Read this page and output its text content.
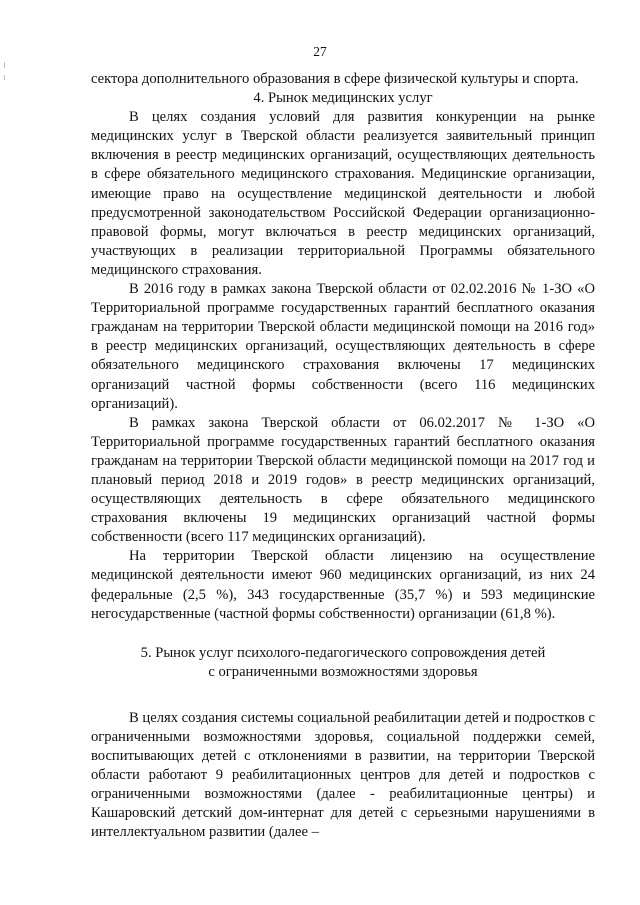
27

сектора дополнительного образования в сфере физической культуры и спорта.

4. Рынок медицинских услуг

В целях создания условий для развития конкуренции на рынке медицинских услуг в Тверской области реализуется заявительный принцип включения в реестр медицинских организаций, осуществляющих деятельность в сфере обязательного медицинского страхования. Медицинские организации, имеющие право на осуществление медицинской деятельности и любой предусмотренной законодательством Российской Федерации организационно-правовой формы, могут включаться в реестр медицинских организаций, участвующих в реализации территориальной Программы обязательного медицинского страхования.

В 2016 году в рамках закона Тверской области от 02.02.2016 № 1-ЗО «О Территориальной программе государственных гарантий бесплатного оказания гражданам на территории Тверской области медицинской помощи на 2016 год» в реестр медицинских организаций, осуществляющих деятельность в сфере обязательного медицинского страхования включены 17 медицинских организаций частной формы собственности (всего 116 медицинских организаций).

В рамках закона Тверской области от 06.02.2017 № 1-ЗО «О Территориальной программе государственных гарантий бесплатного оказания гражданам на территории Тверской области медицинской помощи на 2017 год и плановый период 2018 и 2019 годов» в реестр медицинских организаций, осуществляющих деятельность в сфере обязательного медицинского страхования включены 19 медицинских организаций частной формы собственности (всего 117 медицинских организаций).

На территории Тверской области лицензию на осуществление медицинской деятельности имеют 960 медицинских организаций, из них 24 федеральные (2,5 %), 343 государственные (35,7 %) и 593 медицинские негосударственные (частной формы собственности) организации (61,8 %).

5. Рынок услуг психолого-педагогического сопровождения детей
с ограниченными возможностями здоровья

В целях создания системы социальной реабилитации детей и подростков с ограниченными возможностями здоровья, социальной поддержки семей, воспитывающих детей с отклонениями в развитии, на территории Тверской области работают 9 реабилитационных центров для детей и подростков с ограниченными возможностями (далее - реабилитационные центры) и Кашаровский детский дом-интернат для детей с серьезными нарушениями в интеллектуальном развитии (далее –
